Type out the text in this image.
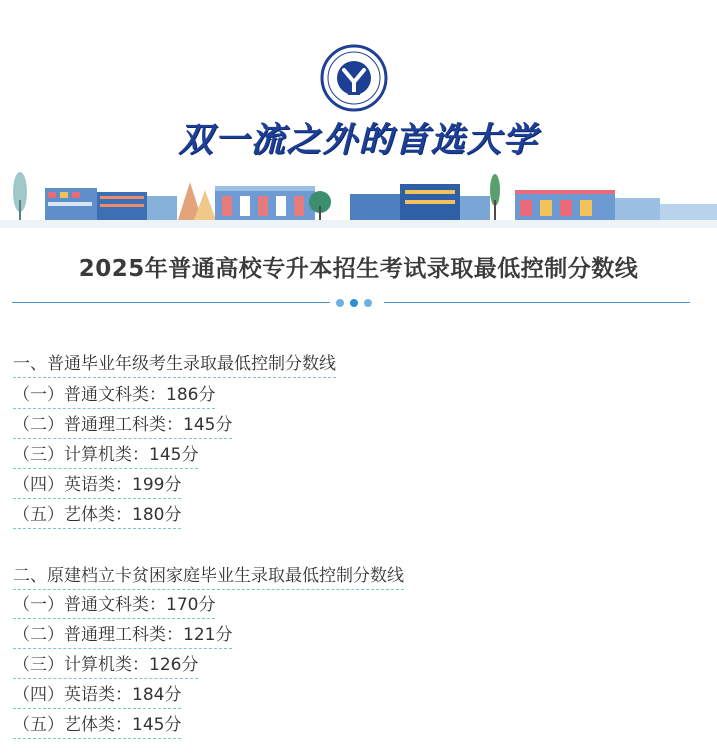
双一流之外的首选大学
2025年普通高校专升本招生考试录取最低控制分数线
一、普通毕业年级考生录取最低控制分数线
（一）普通文科类：186分
（二）普通理工科类：145分
（三）计算机类：145分
（四）英语类：199分
（五）艺体类：180分
二、原建档立卡贫困家庭毕业生录取最低控制分数线
（一）普通文科类：170分
（二）普通理工科类：121分
（三）计算机类：126分
（四）英语类：184分
（五）艺体类：145分
